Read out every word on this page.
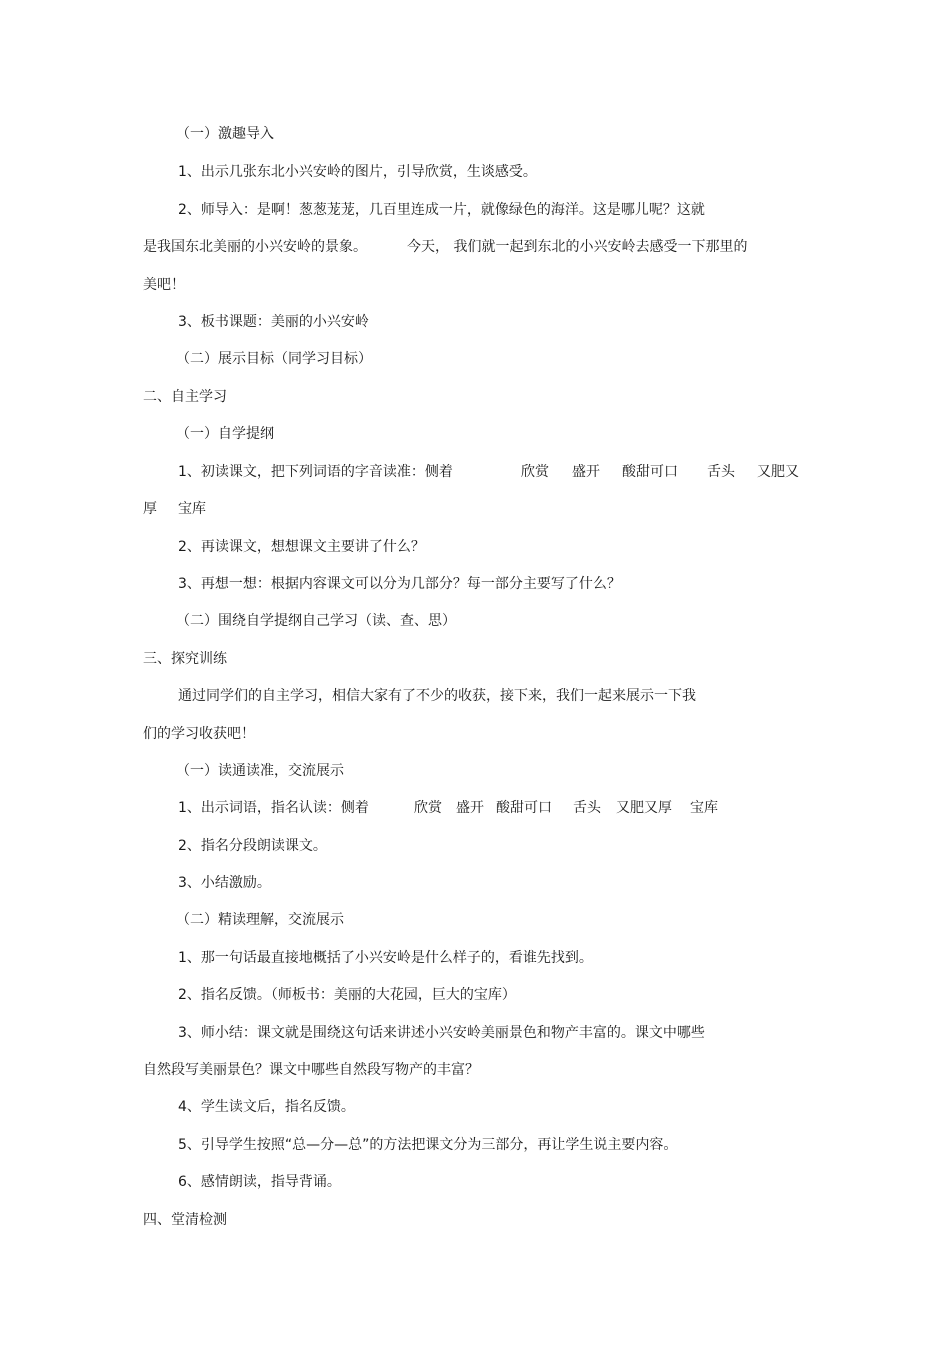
（一）激趣导入

1、出示几张东北小兴安岭的图片，引导欣赏，生谈感受。

2、师导入：是啊！葱葱茏茏，几百里连成一片，就像绿色的海洋。这是哪儿呢？这就

是我国东北美丽的小兴安岭的景象。	今天， 我们就一起到东北的小兴安岭去感受一下那里的

美吧！

3、板书课题：美丽的小兴安岭

（二）展示目标（同学习目标）

二、自主学习

（一）自学提纲

1、初读课文，把下列词语的字音读准：侧着	欣赏 盛开 酸甜可口 舌头 又肥又

厚 宝库

2、再读课文，想想课文主要讲了什么？

3、再想一想：根据内容课文可以分为几部分？每一部分主要写了什么？

（二）围绕自学提纲自己学习（读、查、思）

三、探究训练

通过同学们的自主学习，相信大家有了不少的收获，接下来，我们一起来展示一下我

们的学习收获吧！

（一）读通读准，交流展示

1、出示词语，指名认读：侧着	欣赏 盛开 酸甜可口 舌头 又肥又厚 宝库

2、指名分段朗读课文。

3、小结激励。

（二）精读理解，交流展示

1、那一句话最直接地概括了小兴安岭是什么样子的，看谁先找到。

2、指名反馈。（师板书：美丽的大花园，巨大的宝库）

3、师小结：课文就是围绕这句话来讲述小兴安岭美丽景色和物产丰富的。课文中哪些

自然段写美丽景色？课文中哪些自然段写物产的丰富？

4、学生读文后，指名反馈。

5、引导学生按照“总—分—总”的方法把课文分为三部分，再让学生说主要内容。

6、感情朗读，指导背诵。

四、堂清检测
